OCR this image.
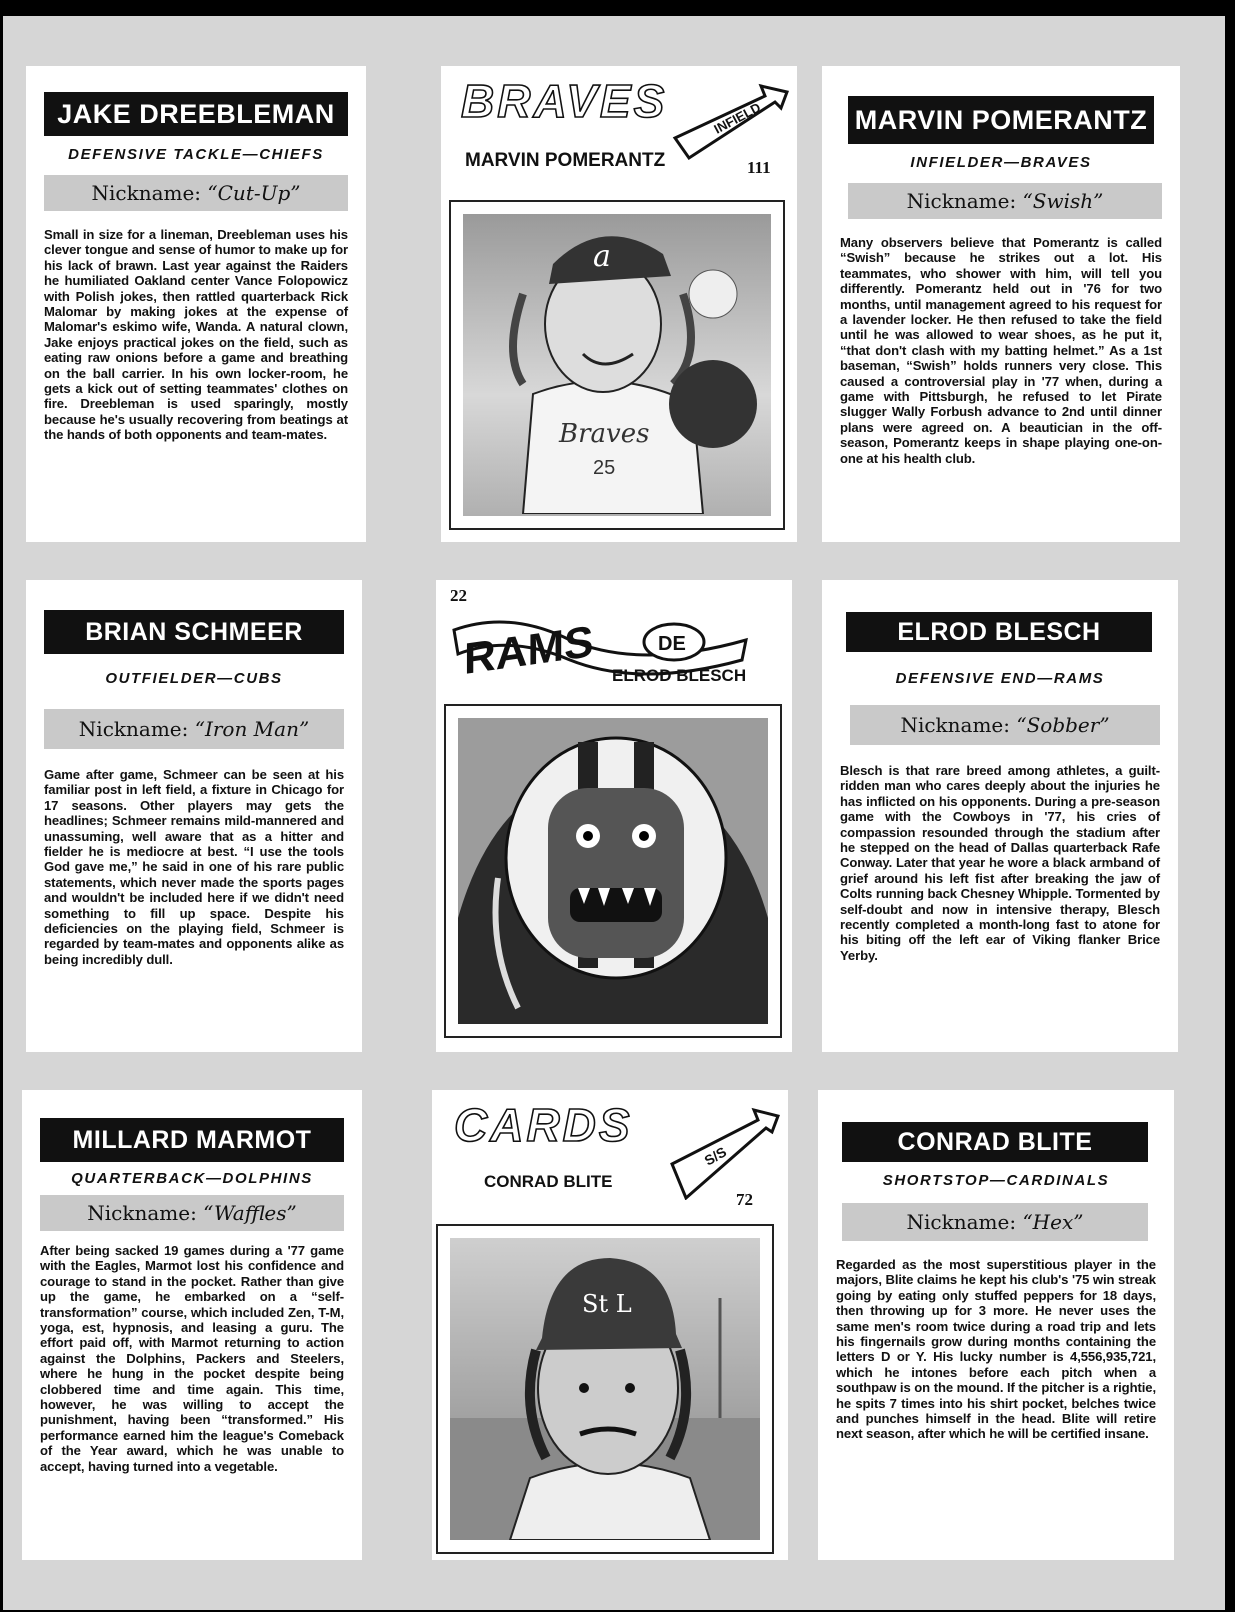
JAKE DREEBLEMAN
DEFENSIVE TACKLE—CHIEFS
Nickname: “Cut-Up”
Small in size for a lineman, Dreebleman uses his clever tongue and sense of humor to make up for his lack of brawn. Last year against the Raiders he humiliated Oakland center Vance Folopowicz with Polish jokes, then rattled quarterback Rick Malomar by making jokes at the expense of Malomar's eskimo wife, Wanda. A natural clown, Jake enjoys practical jokes on the field, such as eating raw onions before a game and breathing on the ball carrier. In his own locker-room, he gets a kick out of setting teammates' clothes on fire. Dreebleman is used sparingly, mostly because he's usually recovering from beatings at the hands of both opponents and team-mates.
BRAVES	INFIELD
MARVIN POMERANTZ	111
Braves
25
a
MARVIN POMERANTZ
INFIELDER—BRAVES
Nickname: “Swish”
Many observers believe that Pomerantz is called “Swish” because he strikes out a lot. His teammates, who shower with him, will tell you differently. Pomerantz held out in '76 for two months, until management agreed to his request for a lavender locker. He then refused to take the field until he was allowed to wear shoes, as he put it, “that don't clash with my batting helmet.” As a 1st baseman, “Swish” holds runners very close. This caused a controversial play in '77 when, during a game with Pittsburgh, he refused to let Pirate slugger Wally Forbush advance to 2nd until dinner plans were agreed on. A beautician in the off-season, Pomerantz keeps in shape playing one-on-one at his health club.
BRIAN SCHMEER
OUTFIELDER—CUBS
Nickname: “Iron Man”
Game after game, Schmeer can be seen at his familiar post in left field, a fixture in Chicago for 17 seasons. Other players may gets the headlines; Schmeer remains mild-mannered and unassuming, well aware that as a hitter and fielder he is mediocre at best. “I use the tools God gave me,” he said in one of his rare public statements, which never made the sports pages and wouldn't be included here if we didn't need something to fill up space. Despite his deficiencies on the playing field, Schmeer is regarded by team-mates and opponents alike as being incredibly dull.
22
RAMS	DE
ELROD BLESCH
ELROD BLESCH
DEFENSIVE END—RAMS
Nickname: “Sobber”
Blesch is that rare breed among athletes, a guilt-ridden man who cares deeply about the injuries he has inflicted on his opponents. During a pre-season game with the Cowboys in '77, his cries of compassion resounded through the stadium after he stepped on the head of Dallas quarterback Rafe Conway. Later that year he wore a black armband of grief around his left fist after breaking the jaw of Colts running back Chesney Whipple. Tormented by self-doubt and now in intensive therapy, Blesch recently completed a month-long fast to atone for his biting off the left ear of Viking flanker Brice Yerby.
MILLARD MARMOT
QUARTERBACK—DOLPHINS
Nickname: “Waffles”
After being sacked 19 games during a '77 game with the Eagles, Marmot lost his confidence and courage to stand in the pocket. Rather than give up the game, he embarked on a “self-transformation” course, which included Zen, T-M, yoga, est, hypnosis, and leasing a guru. The effort paid off, with Marmot returning to action against the Dolphins, Packers and Steelers, where he hung in the pocket despite being clobbered time and time again. This time, however, he was willing to accept the punishment, having been “transformed.” His performance earned him the league's Comeback of the Year award, which he was unable to accept, having turned into a vegetable.
CARDS
S/S
CONRAD BLITE
72
St L
CONRAD BLITE
SHORTSTOP—CARDINALS
Nickname: “Hex”
Regarded as the most superstitious player in the majors, Blite claims he kept his club's '75 win streak going by eating only stuffed peppers for 18 days, then throwing up for 3 more. He never uses the same men's room twice during a road trip and lets his fingernails grow during months containing the letters D or Y. His lucky number is 4,556,935,721, which he intones before each pitch when a southpaw is on the mound. If the pitcher is a rightie, he spits 7 times into his shirt pocket, belches twice and punches himself in the head. Blite will retire next season, after which he will be certified insane.
